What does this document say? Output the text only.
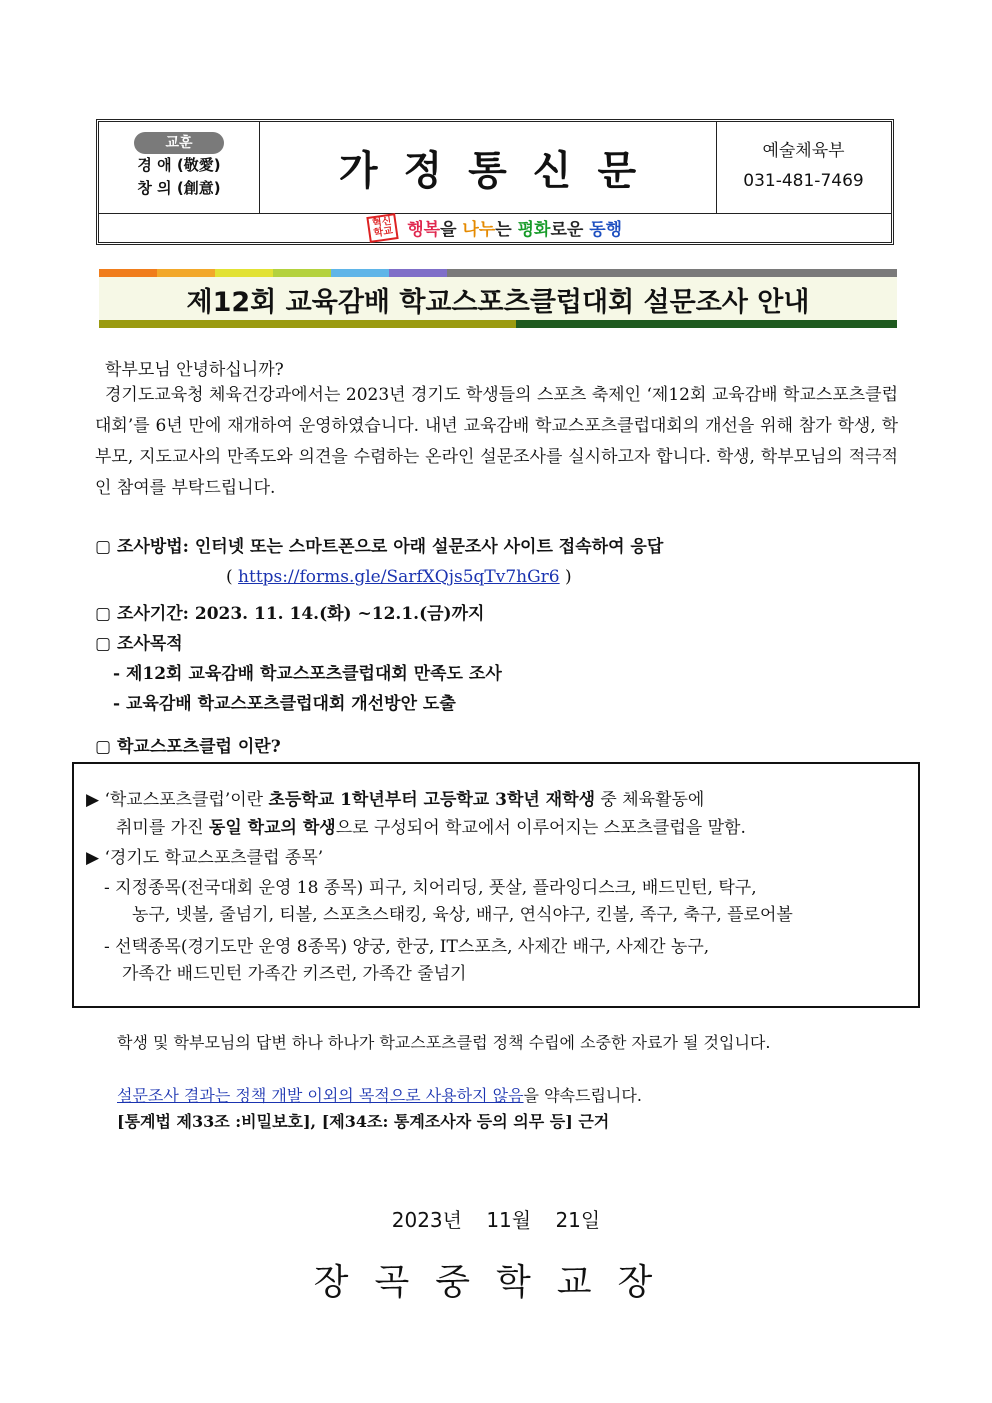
교훈
경 애 (敬愛)
창 의 (創意)	가정통신문	예술체육부
031-481-7469
혁신
학교 행복을 나누는 평화로운 동행
제12회 교육감배 학교스포츠클럽대회 설문조사 안내
학부모님 안녕하십니까?
경기도교육청 체육건강과에서는 2023년 경기도 학생들의 스포츠 축제인 ‘제12회 교육감배 학교스포츠클럽대회’를 6년 만에 재개하여 운영하였습니다. 내년 교육감배 학교스포츠클럽대회의 개선을 위해 참가 학생, 학부모, 지도교사의 만족도와 의견을 수렴하는 온라인 설문조사를 실시하고자 합니다. 학생, 학부모님의 적극적인 참여를 부탁드립니다.
▢ 조사방법: 인터넷 또는 스마트폰으로 아래 설문조사 사이트 접속하여 응답
( https://forms.gle/SarfXQjs5qTv7hGr6 )
▢ 조사기간: 2023. 11. 14.(화) ~12.1.(금)까지
▢ 조사목적
- 제12회 교육감배 학교스포츠클럽대회 만족도 조사
- 교육감배 학교스포츠클럽대회 개선방안 도출
▢ 학교스포츠클럽 이란?
▶ ‘학교스포츠클럽’이란 초등학교 1학년부터 고등학교 3학년 재학생 중 체육활동에
취미를 가진 동일 학교의 학생으로 구성되어 학교에서 이루어지는 스포츠클럽을 말함.
▶ ‘경기도 학교스포츠클럽 종목’
- 지정종목(전국대회 운영 18 종목) 피구, 치어리딩, 풋살, 플라잉디스크, 배드민턴, 탁구,
농구, 넷볼, 줄넘기, 티볼, 스포츠스태킹, 육상, 배구, 연식야구, 킨볼, 족구, 축구, 플로어볼
- 선택종목(경기도만 운영 8종목) 양궁, 한궁, IT스포츠, 사제간 배구, 사제간 농구,
가족간 배드민턴 가족간 키즈런, 가족간 줄넘기
학생 및 학부모님의 답변 하나 하나가 학교스포츠클럽 정책 수립에 소중한 자료가 될 것입니다.
설문조사 결과는 정책 개발 이외의 목적으로 사용하지 않음을 약속드립니다.
[통계법 제33조 :비밀보호], [제34조: 통계조사자 등의 의무 등] 근거
2023년 11월 21일
장곡중학교장
